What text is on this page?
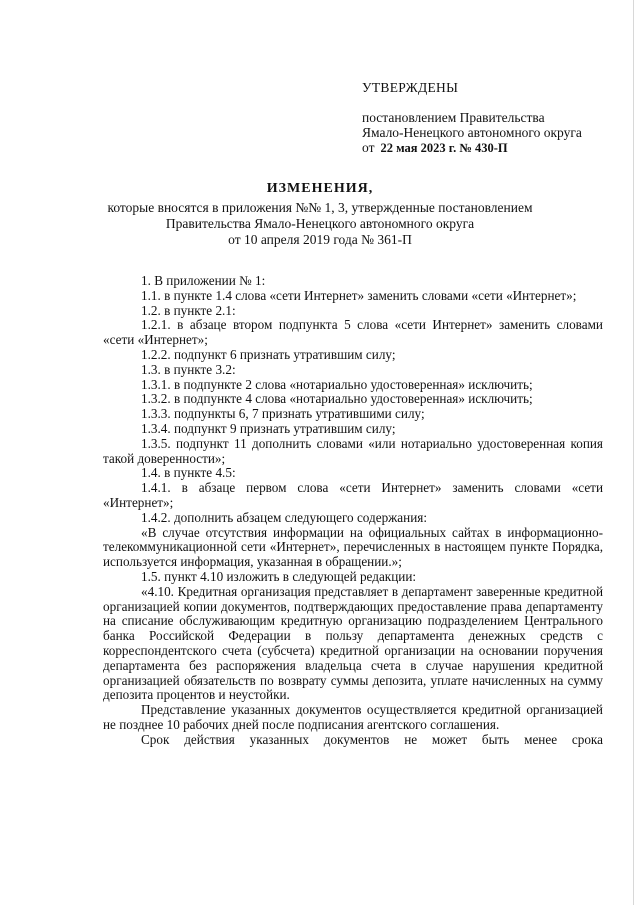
УТВЕРЖДЕНЫ
постановлением Правительства
Ямало-Ненецкого автономного округа
от 22 мая 2023 г. № 430-П
ИЗМЕНЕНИЯ,
которые вносятся в приложения №№ 1, 3, утвержденные постановлением
Правительства Ямало-Ненецкого автономного округа
от 10 апреля 2019 года № 361-П

1. В приложении № 1:

1.1. в пункте 1.4 слова «сети Интернет» заменить словами «сети «Интернет»;

1.2. в пункте 2.1:

1.2.1. в абзаце втором подпункта 5 слова «сети Интернет» заменить словами «сети «Интернет»;

1.2.2. подпункт 6 признать утратившим силу;

1.3. в пункте 3.2:

1.3.1. в подпункте 2 слова «нотариально удостоверенная» исключить;

1.3.2. в подпункте 4 слова «нотариально удостоверенная» исключить;

1.3.3. подпункты 6, 7 признать утратившими силу;

1.3.4. подпункт 9 признать утратившим силу;

1.3.5. подпункт 11 дополнить словами «или нотариально удостоверенная копия такой доверенности»;

1.4. в пункте 4.5:

1.4.1. в абзаце первом слова «сети Интернет» заменить словами «сети «Интернет»;

1.4.2. дополнить абзацем следующего содержания:

«В случае отсутствия информации на официальных сайтах в информационно-телекоммуникационной сети «Интернет», перечисленных в настоящем пункте Порядка, используется информация, указанная в обращении.»;

1.5. пункт 4.10 изложить в следующей редакции:

«4.10. Кредитная организация представляет в департамент заверенные кредитной организацией копии документов, подтверждающих предоставление права департаменту на списание обслуживающим кредитную организацию подразделением Центрального банка Российской Федерации в пользу департамента денежных средств с корреспондентского счета (субсчета) кредитной организации на основании поручения департамента без распоряжения владельца счета в случае нарушения кредитной организацией обязательств по возврату суммы депозита, уплате начисленных на сумму депозита процентов и неустойки.

Представление указанных документов осуществляется кредитной организацией не позднее 10 рабочих дней после подписания агентского соглашения.

Срок действия указанных документов не может быть менее срока
